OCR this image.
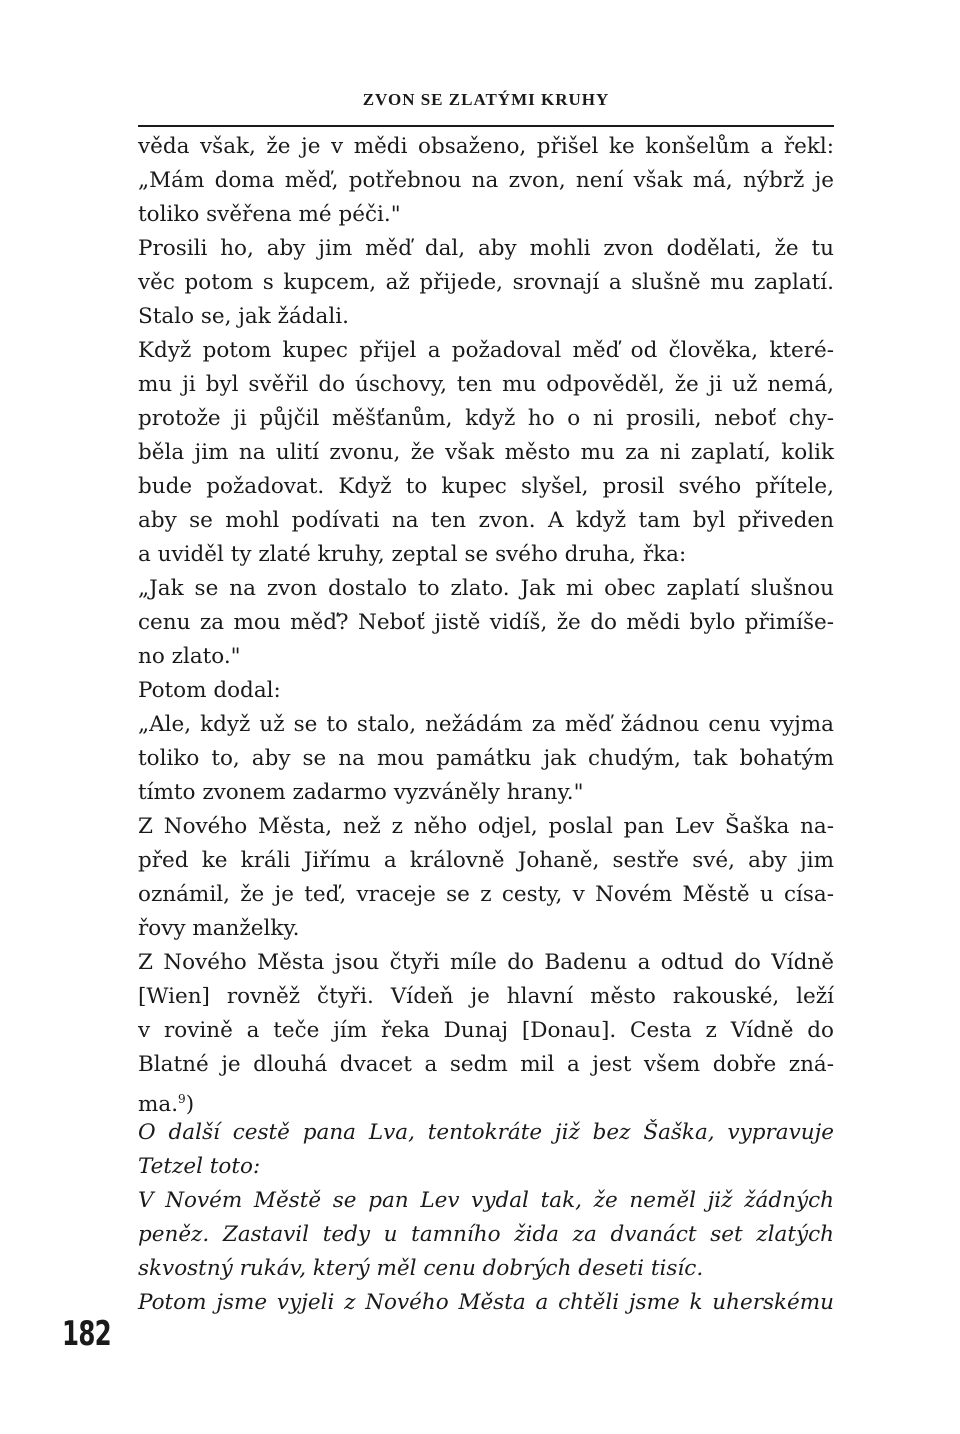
ZVON SE ZLATÝMI KRUHY
věda však, že je v mědi obsaženo, přišel ke konšelům a řekl:
„Mám doma měď, potřebnou na zvon, není však má, nýbrž je
toliko svěřena mé péči."
Prosili ho, aby jim měď dal, aby mohli zvon dodělati, že tu
věc potom s kupcem, až přijede, srovnají a slušně mu zaplatí.
Stalo se, jak žádali.
Když potom kupec přijel a požadoval měď od člověka, které-
mu ji byl svěřil do úschovy, ten mu odpověděl, že ji už nemá,
protože ji půjčil měšťanům, když ho o ni prosili, neboť chy-
běla jim na ulití zvonu, že však město mu za ni zaplatí, kolik
bude požadovat. Když to kupec slyšel, prosil svého přítele,
aby se mohl podívati na ten zvon. A když tam byl přiveden
a uviděl ty zlaté kruhy, zeptal se svého druha, řka:
„Jak se na zvon dostalo to zlato. Jak mi obec zaplatí slušnou
cenu za mou měď? Neboť jistě vidíš, že do mědi bylo přimíše-
no zlato."
Potom dodal:
„Ale, když už se to stalo, nežádám za měď žádnou cenu vyjma
toliko to, aby se na mou památku jak chudým, tak bohatým
tímto zvonem zadarmo vyzváněly hrany."
Z Nového Města, než z něho odjel, poslal pan Lev Šaška na-
před ke králi Jiřímu a královně Johaně, sestře své, aby jim
oznámil, že je teď, vraceje se z cesty, v Novém Městě u císa-
řovy manželky.
Z Nového Města jsou čtyři míle do Badenu a odtud do Vídně
[Wien] rovněž čtyři. Vídeň je hlavní město rakouské, leží
v rovině a teče jím řeka Dunaj [Donau]. Cesta z Vídně do
Blatné je dlouhá dvacet a sedm mil a jest všem dobře zná-
ma.$^9$)
O další cestě pana Lva, tentokráte již bez Šaška, vypravuje
Tetzel toto:
V Novém Městě se pan Lev vydal tak, že neměl již žádných
peněz. Zastavil tedy u tamního žida za dvanáct set zlatých
skvostný rukáv, který měl cenu dobrých deseti tisíc.
Potom jsme vyjeli z Nového Města a chtěli jsme k uherskému
182
